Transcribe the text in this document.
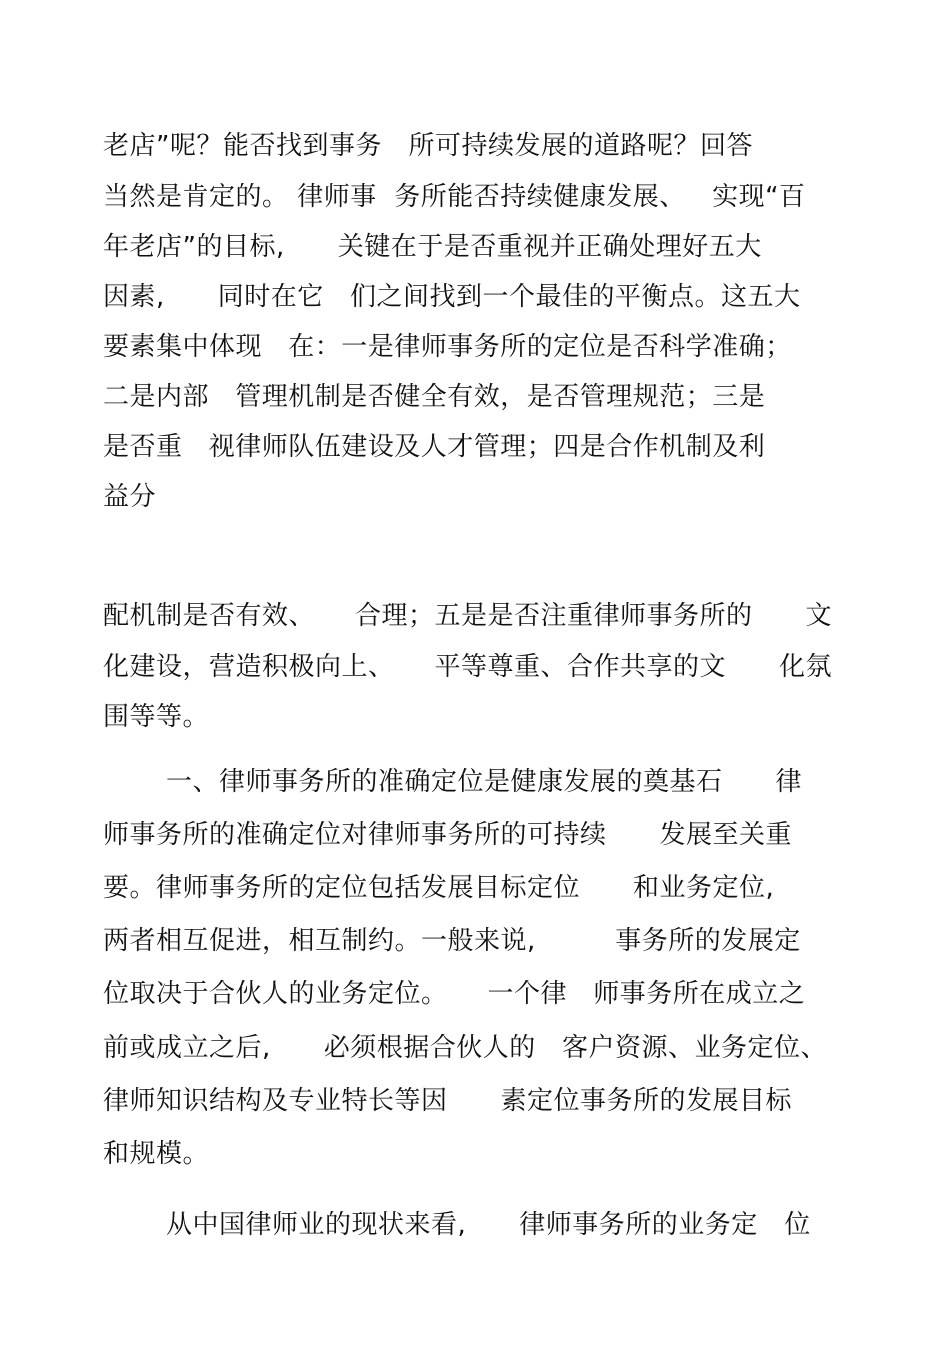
老店”呢？能否找到事务　所可持续发展的道路呢？回答
当然是肯定的。 律师事  务所能否持续健康发展、   实现“百
年老店”的目标,　　关键在于是否重视并正确处理好五大
因素,　　同时在它   们之间找到一个最佳的平衡点。这五大
要素集中体现   在：一是律师事务所的定位是否科学准确；
二是内部   管理机制是否健全有效，是否管理规范；三是
是否重   视律师队伍建设及人才管理；四是合作机制及利
益分
配机制是否有效、　　合理；五是是否注重律师事务所的　　文
化建设，营造积极向上、　　平等尊重、合作共享的文　　化氛
围等等。
一、律师事务所的准确定位是健康发展的奠基石　　律
师事务所的准确定位对律师事务所的可持续　　发展至关重
要。律师事务所的定位包括发展目标定位　　和业务定位,
两者相互促进，相互制约。一般来说,　　　事务所的发展定
位取决于合伙人的业务定位。　　一个律   师事务所在成立之
前或成立之后,　　必须根据合伙人的   客户资源、业务定位、
律师知识结构及专业特长等因　　素定位事务所的发展目标
和规模。
从中国律师业的现状来看,　　律师事务所的业务定　位
